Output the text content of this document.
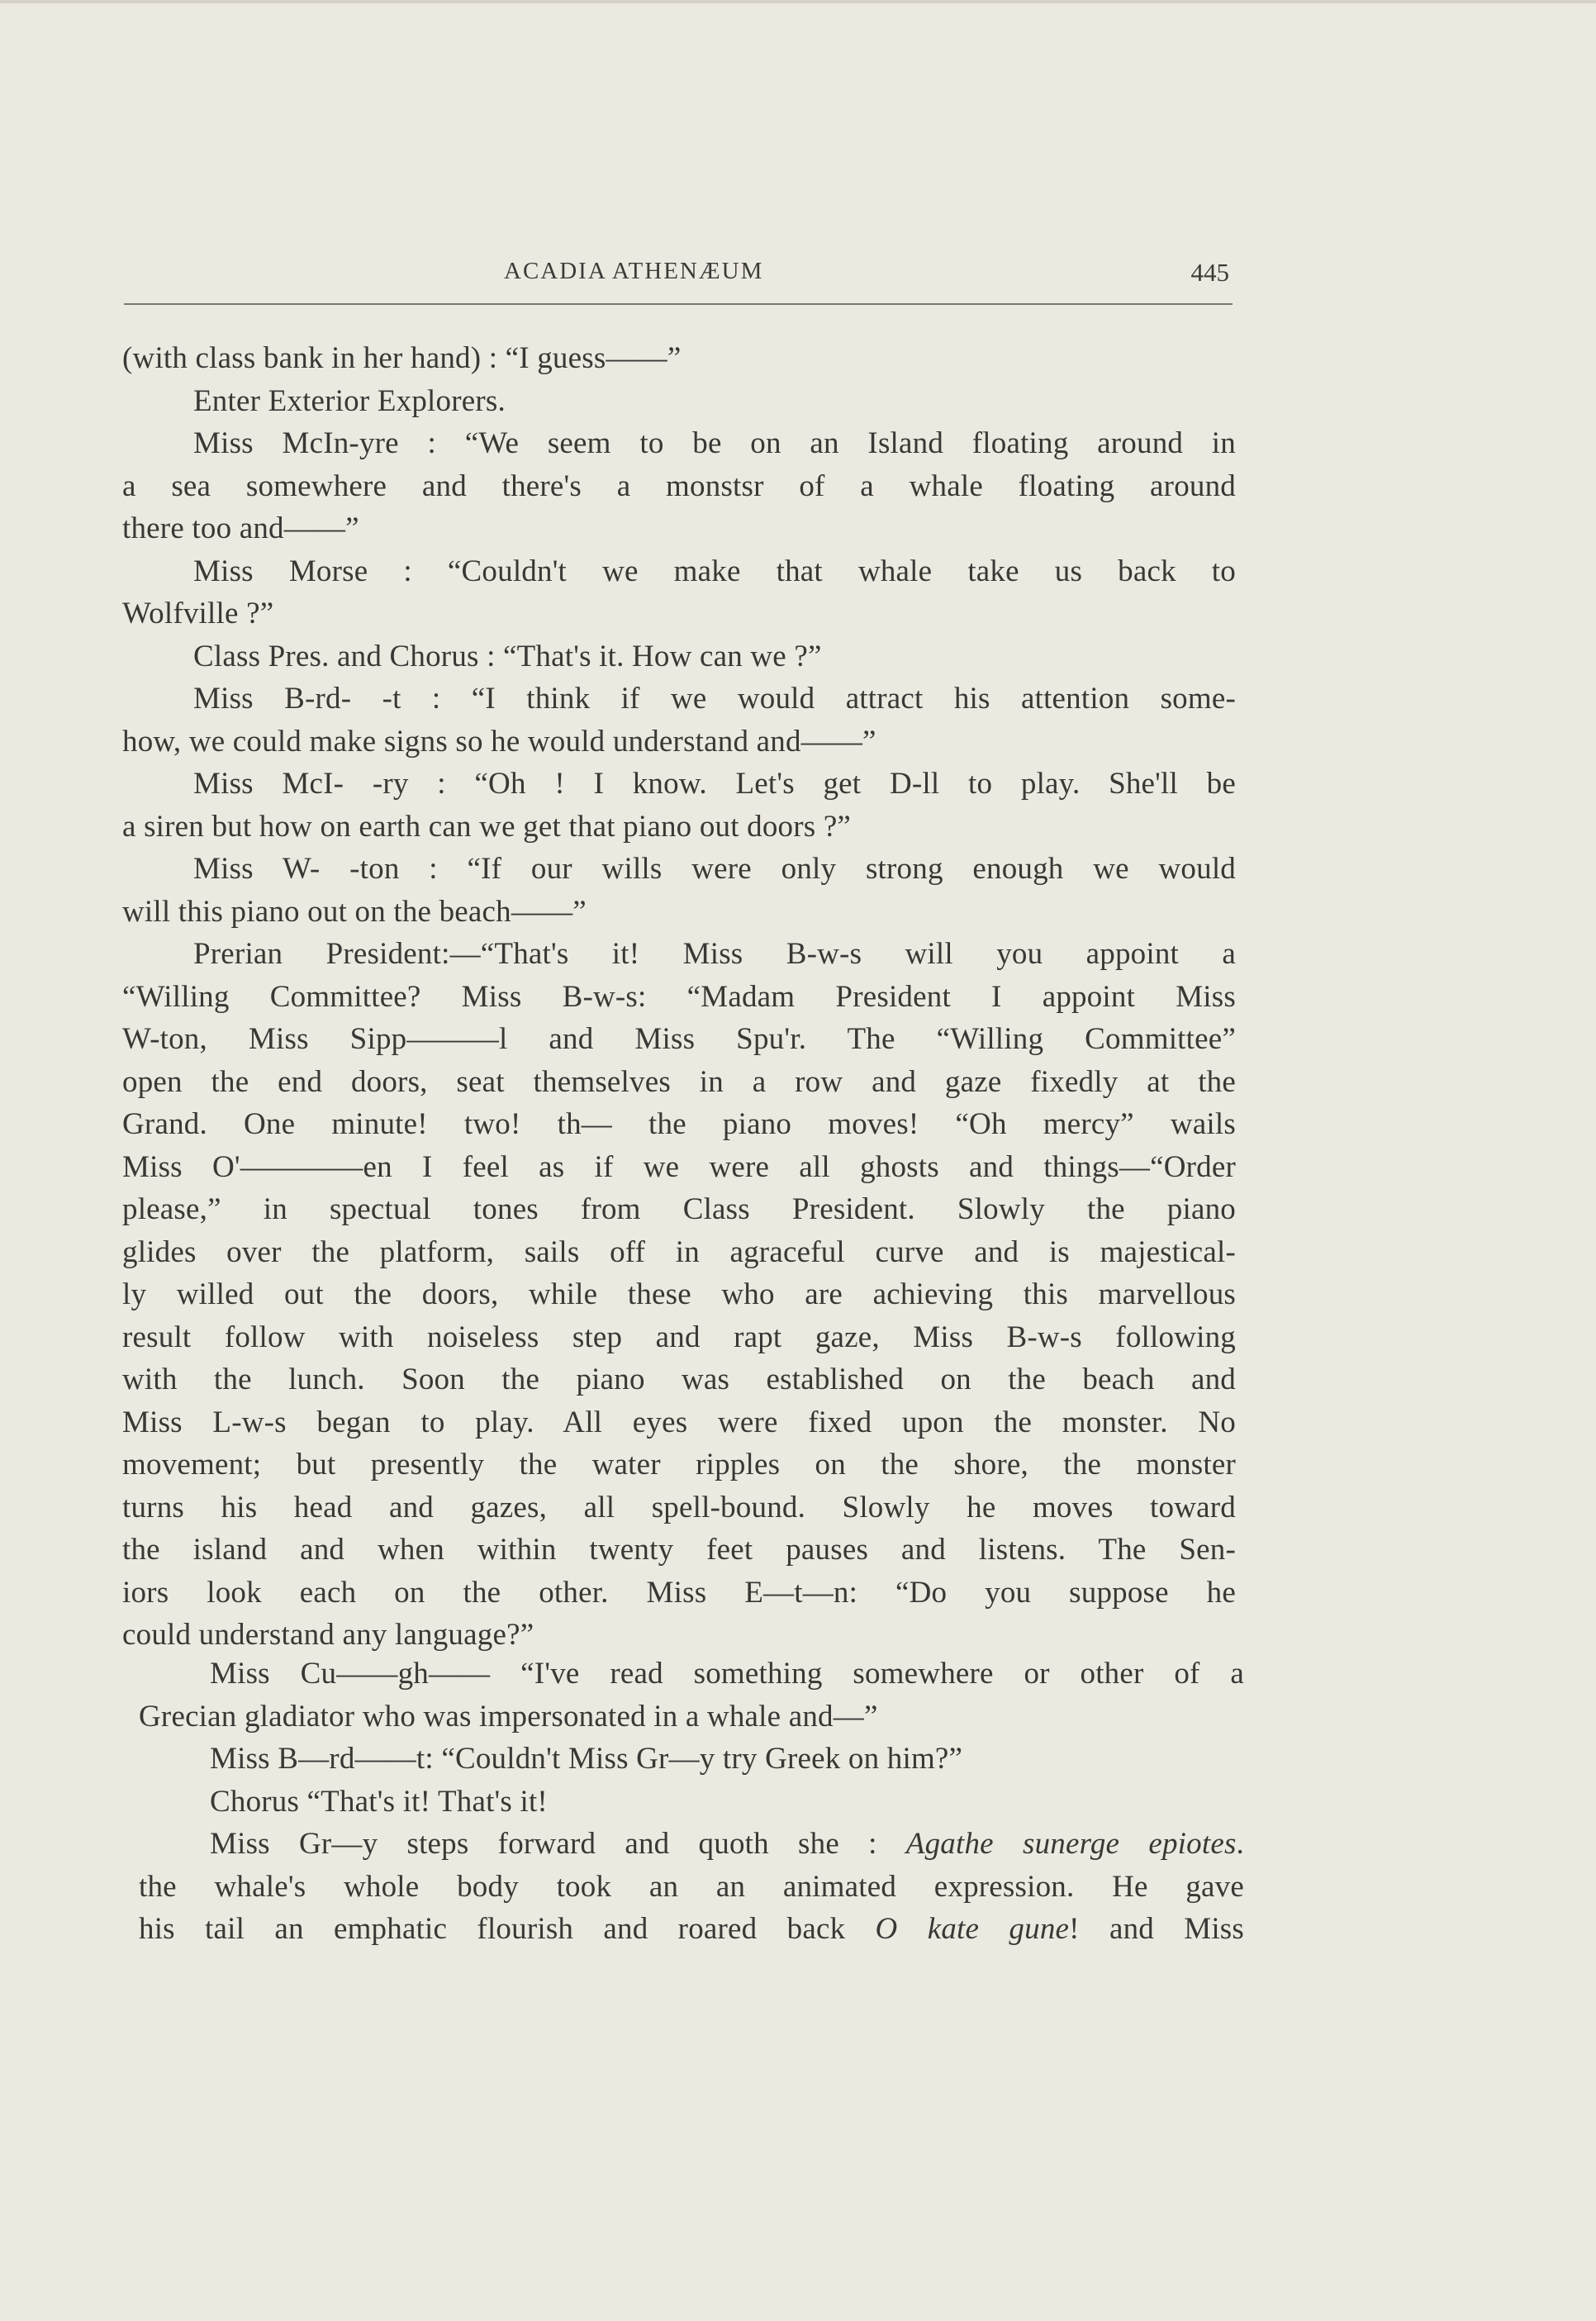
ACADIA ATHENÆUM	445
(with class bank in her hand) : “I guess——”
Enter Exterior Explorers.
Miss McIn-yre : “We seem to be on an Island floating around in
a sea somewhere and there's a monstsr of a whale floating around
there too and——”
Miss Morse : “Couldn't we make that whale take us back to
Wolfville ?”
Class Pres. and Chorus : “That's it. How can we ?”
Miss B-rd- -t : “I think if we would attract his attention some-
how, we could make signs so he would understand and——”
Miss McI- -ry : “Oh ! I know. Let's get D-ll to play. She'll be
a siren but how on earth can we get that piano out doors ?”
Miss W- -ton : “If our wills were only strong enough we would
will this piano out on the beach——”
Prerian President:—“That's it! Miss B-w-s will you appoint a
“Willing Committee? Miss B-w-s: “Madam President I appoint Miss
W-ton, Miss Sipp———l and Miss Spu'r. The “Willing Committee”
open the end doors, seat themselves in a row and gaze fixedly at the
Grand. One minute! two! th— the piano moves! “Oh mercy” wails
Miss O'————en I feel as if we were all ghosts and things—“Order
please,” in spectual tones from Class President. Slowly the piano
glides over the platform, sails off in agraceful curve and is majestical-
ly willed out the doors, while these who are achieving this marvellous
result follow with noiseless step and rapt gaze, Miss B-w-s following
with the lunch. Soon the piano was established on the beach and
Miss L-w-s began to play. All eyes were fixed upon the monster. No
movement; but presently the water ripples on the shore, the monster
turns his head and gazes, all spell-bound. Slowly he moves toward
the island and when within twenty feet pauses and listens. The Sen-
iors look each on the other. Miss E—t—n: “Do you suppose he
could understand any language?”
Miss Cu——gh—— “I've read something somewhere or other of a
Grecian gladiator who was impersonated in a whale and—”
Miss B—rd——t: “Couldn't Miss Gr—y try Greek on him?”
Chorus “That's it! That's it!
Miss Gr—y steps forward and quoth she : Agathe sunerge epiotes.
the whale's whole body took an an animated expression. He gave
his tail an emphatic flourish and roared back O kate gune! and Miss
